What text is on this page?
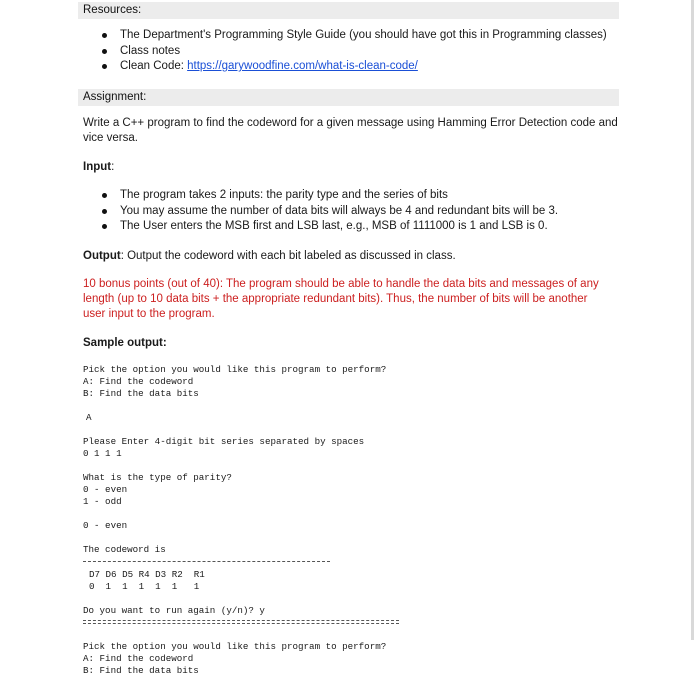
Resources:
The Department's Programming Style Guide (you should have got this in Programming classes)
Class notes
Clean Code: https://garywoodfine.com/what-is-clean-code/
Assignment:
Write a C++ program to find the codeword for a given message using Hamming Error Detection code and
vice versa.
Input:
The program takes 2 inputs: the parity type and the series of bits
You may assume the number of data bits will always be 4 and redundant bits will be 3.
The User enters the MSB first and LSB last, e.g., MSB of 1111000 is 1 and LSB is 0.
Output: Output the codeword with each bit labeled as discussed in class.
10 bonus points (out of 40): The program should be able to handle the data bits and messages of any
length (up to 10 data bits + the appropriate redundant bits). Thus, the number of bits will be another
user input to the program.
Sample output:
Pick the option you would like this program to perform?
A: Find the codeword
B: Find the data bits
A
Please Enter 4-digit bit series separated by spaces
0 1 1 1
What is the type of parity?
0 - even
1 - odd
0 - even
The codeword is
D7 D6 D5 R4 D3 R2  R1
0  1  1  1  1  1   1
Do you want to run again (y/n)? y
Pick the option you would like this program to perform?
A: Find the codeword
B: Find the data bits
